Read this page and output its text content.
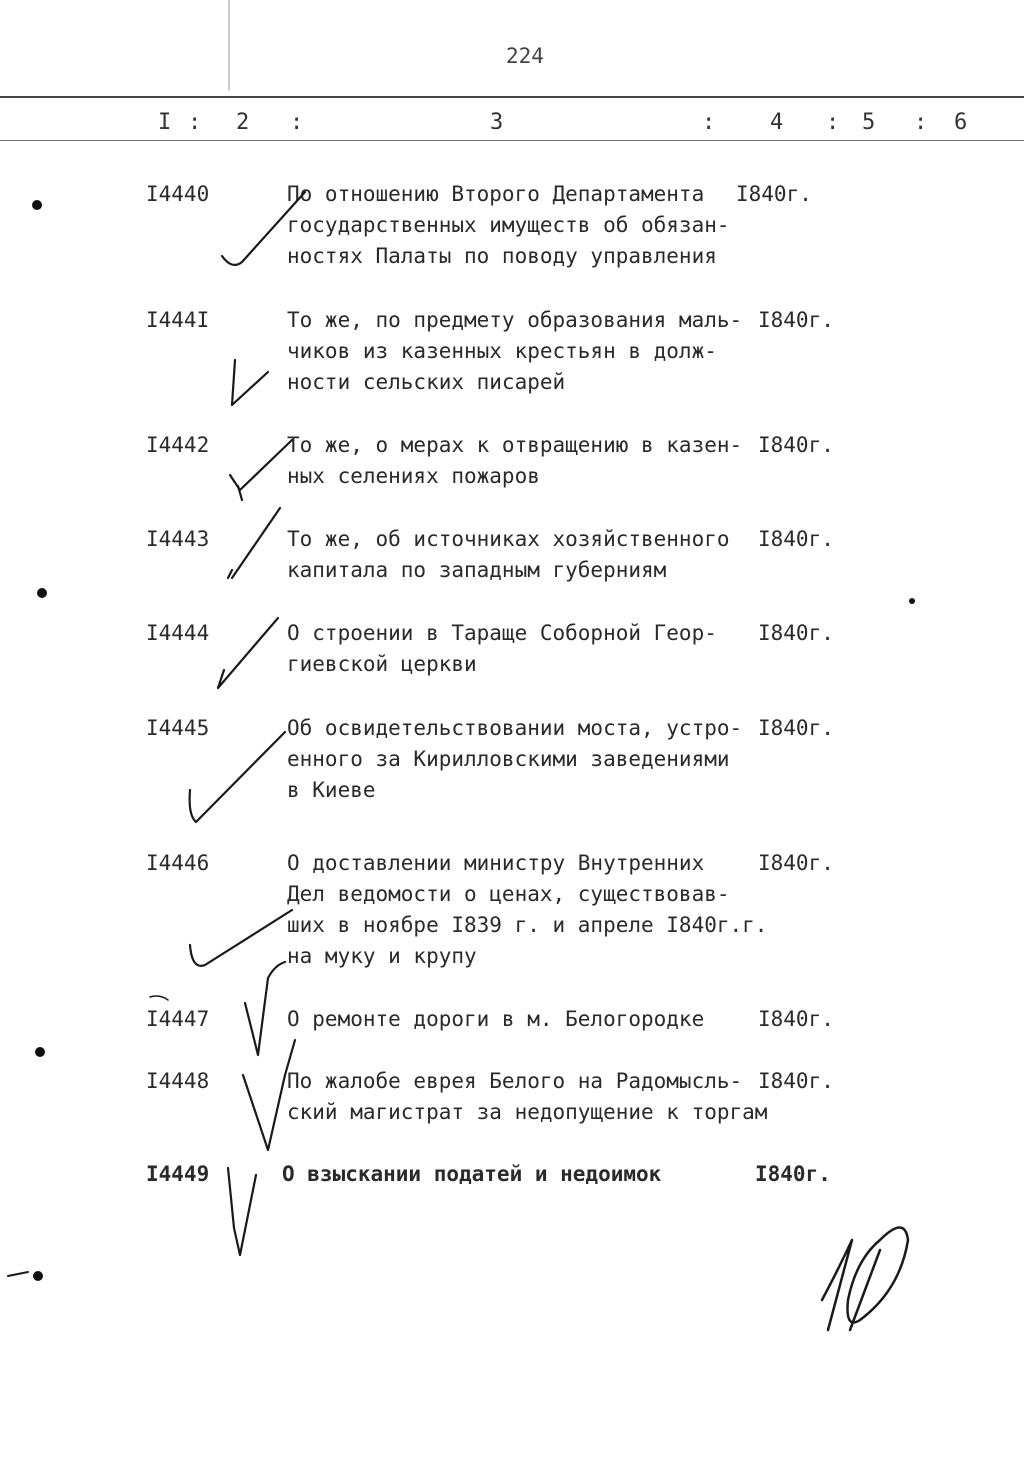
224
I : 2 :	3	: 4 : 5 : 6
I4440	По отношению Второго Департамента
государственных имуществ об обязан-
ностях Палаты по поводу управления
I840г.
I444I	То же, по предмету образования маль-
чиков из казенных крестьян в долж-
ности сельских писарей
I840г.
I4442	То же, о мерах к отвращению в казен-
ных селениях пожаров
I840г.
I4443	То же, об источниках хозяйственного
капитала по западным губерниям
I840г.
I4444	О строении в Тараще Соборной Геор-
гиевской церкви
I840г.
I4445	Об освидетельствовании моста, устро-
енного за Кирилловскими заведениями
в Киеве
I840г.
I4446	О доставлении министру Внутренних
Дел ведомости о ценах, существовав-
ших в ноябре I839 г. и апреле I840г.г.
на муку и крупу
I840г.
I4447	О ремонте дороги в м. Белогородке	I840г.
I4448	По жалобе еврея Белого на Радомысль-
ский магистрат за недопущение к торгам
I840г.
I4449	О взыскании податей и недоимок	I840г.
